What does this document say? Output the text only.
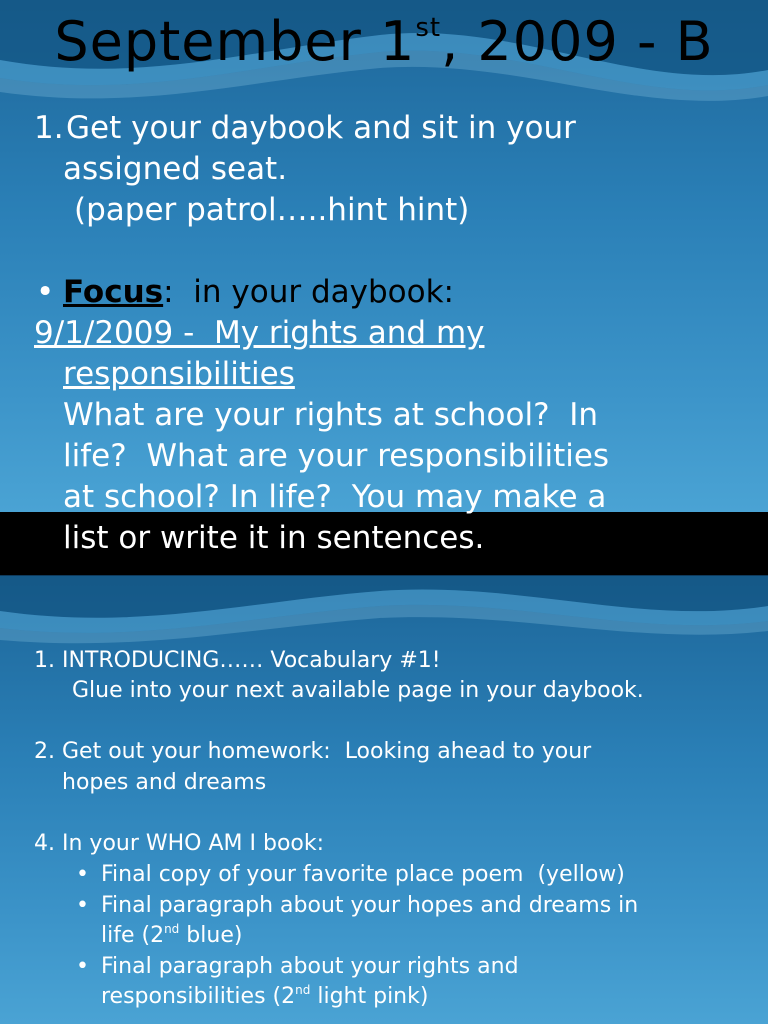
September 1st, 2009 - B
1. Get your daybook and sit in your
assigned seat.
(paper patrol…..hint hint)
• Focus:  in your daybook:
9/1/2009 -  My rights and my
responsibilities
What are your rights at school?  In
life?  What are your responsibilities
at school? In life?  You may make a
list or write it in sentences.
1. INTRODUCING…… Vocabulary #1!
Glue into your next available page in your daybook.
2. Get out your homework:  Looking ahead to your
hopes and dreams
4. In your WHO AM I book:
• Final copy of your favorite place poem  (yellow)
• Final paragraph about your hopes and dreams in
life (2nd blue)
• Final paragraph about your rights and
responsibilities (2nd light pink)
